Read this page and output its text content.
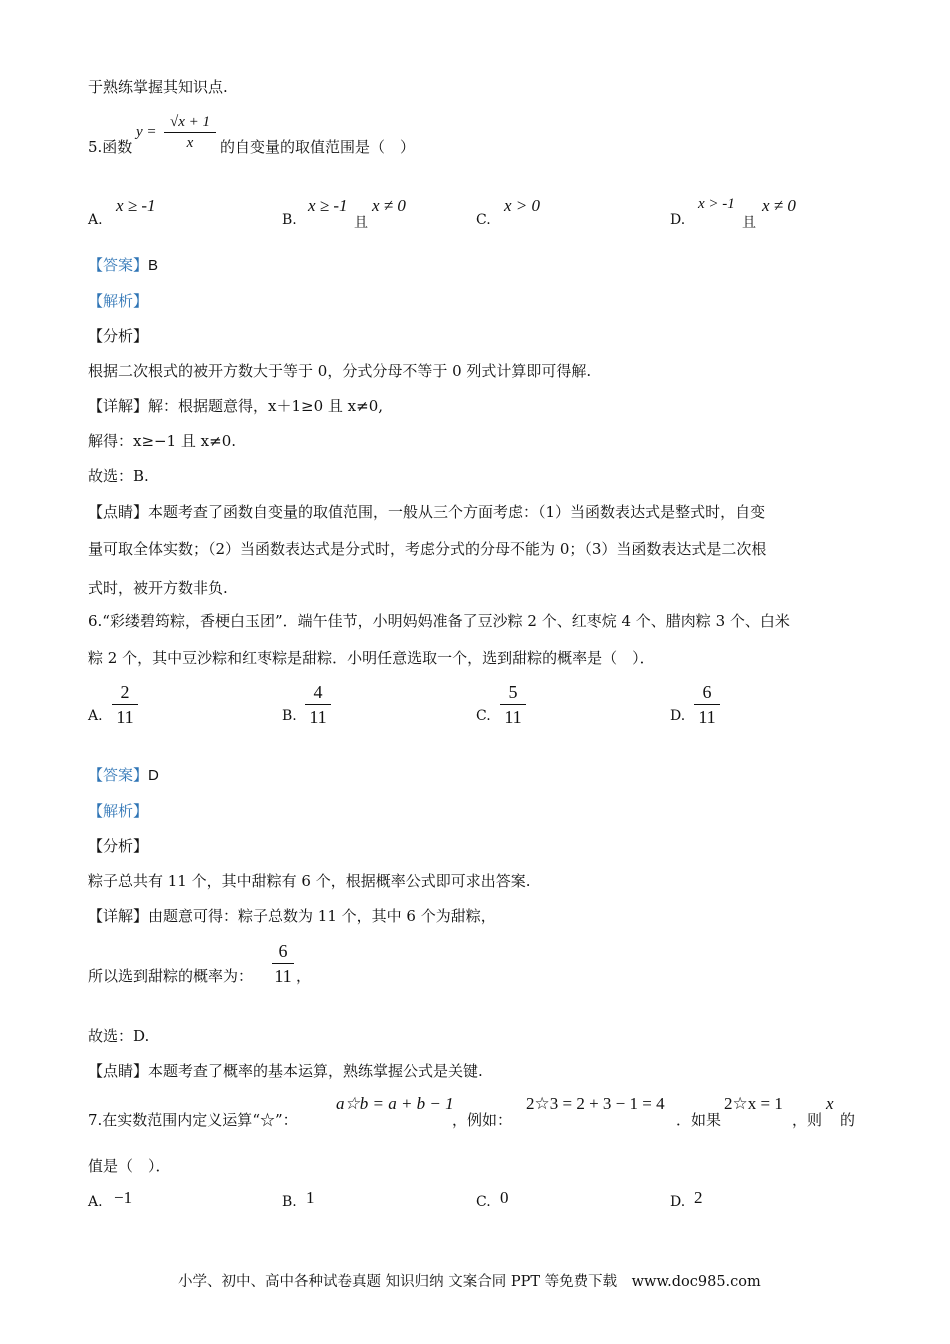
于熟练掌握其知识点.
5.函数
y =
√x + 1
x	的自变量的取值范围是（　）
A.
x ≥ -1
B.
x ≥ -1
且
x ≠ 0
C.
x > 0
D.
x > -1
且
x ≠ 0
【答案】B
【解析】
【分析】
根据二次根式的被开方数大于等于 0，分式分母不等于 0 列式计算即可得解.
【详解】解：根据题意得，x＋1≥0 且 x≠0,
解得：x≥−1 且 x≠0.
故选：B.
【点睛】本题考查了函数自变量的取值范围，一般从三个方面考虑：（1）当函数表达式是整式时，自变
量可取全体实数；（2）当函数表达式是分式时，考虑分式的分母不能为 0；（3）当函数表达式是二次根
式时，被开方数非负.
6.“彩缕碧筠粽，香梗白玉团”．端午佳节，小明妈妈准备了豆沙粽 2 个、红枣烷 4 个、腊肉粽 3 个、白米
粽 2 个，其中豆沙粽和红枣粽是甜粽．小明任意选取一个，选到甜粽的概率是（　）．
A.
2
11	B.
4
11	C.
5
11	D.
6
11
【答案】D
【解析】
【分析】
粽子总共有 11 个，其中甜粽有 6 个，根据概率公式即可求出答案.
【详解】由题意可得：粽子总数为 11 个，其中 6 个为甜粽，
所以选到甜粽的概率为：
6
11 ，
故选：D.
【点睛】本题考查了概率的基本运算，熟练掌握公式是关键.
7.在实数范围内定义运算“☆”：
a☆b = a + b − 1
，例如：
2☆3 = 2 + 3 − 1 = 4
．如果
2☆x = 1
，则
x
的
值是（　）．
A. −1	B. 1	C. 0	D. 2
小学、初中、高中各种试卷真题 知识归纳 文案合同 PPT 等免费下载　www.doc985.com
